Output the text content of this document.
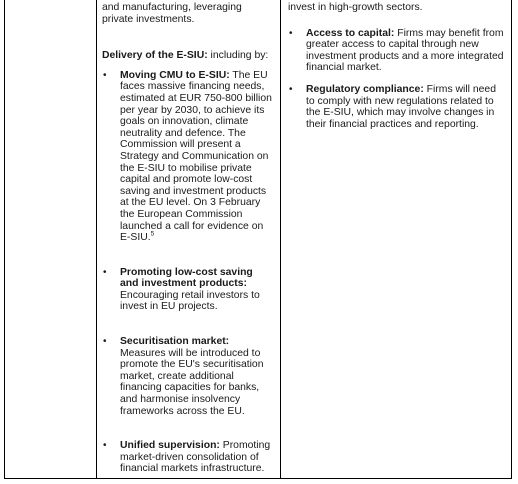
and manufacturing, leveraging
private investments.

Delivery of the E-SIU: including by:

• Moving CMU to E-SIU: The EU faces massive financing needs, estimated at EUR 750-800 billion per year by 2030, to achieve its goals on innovation, climate neutrality and defence. The Commission will present a Strategy and Communication on the E-SIU to mobilise private capital and promote low-cost saving and investment products at the EU level. On 3 February the European Commission launched a call for evidence on E-SIU.$^5$
• Promoting low-cost saving and investment products: Encouraging retail investors to invest in EU projects.
• Securitisation market: Measures will be introduced to promote the EU's securitisation market, create additional financing capacities for banks, and harmonise insolvency frameworks across the EU.
• Unified supervision: Promoting market-driven consolidation of financial markets infrastructure.

invest in high-growth sectors.

• Access to capital: Firms may benefit from greater access to capital through new investment products and a more integrated financial market.
• Regulatory compliance: Firms will need to comply with new regulations related to the E-SIU, which may involve changes in their financial practices and reporting.
